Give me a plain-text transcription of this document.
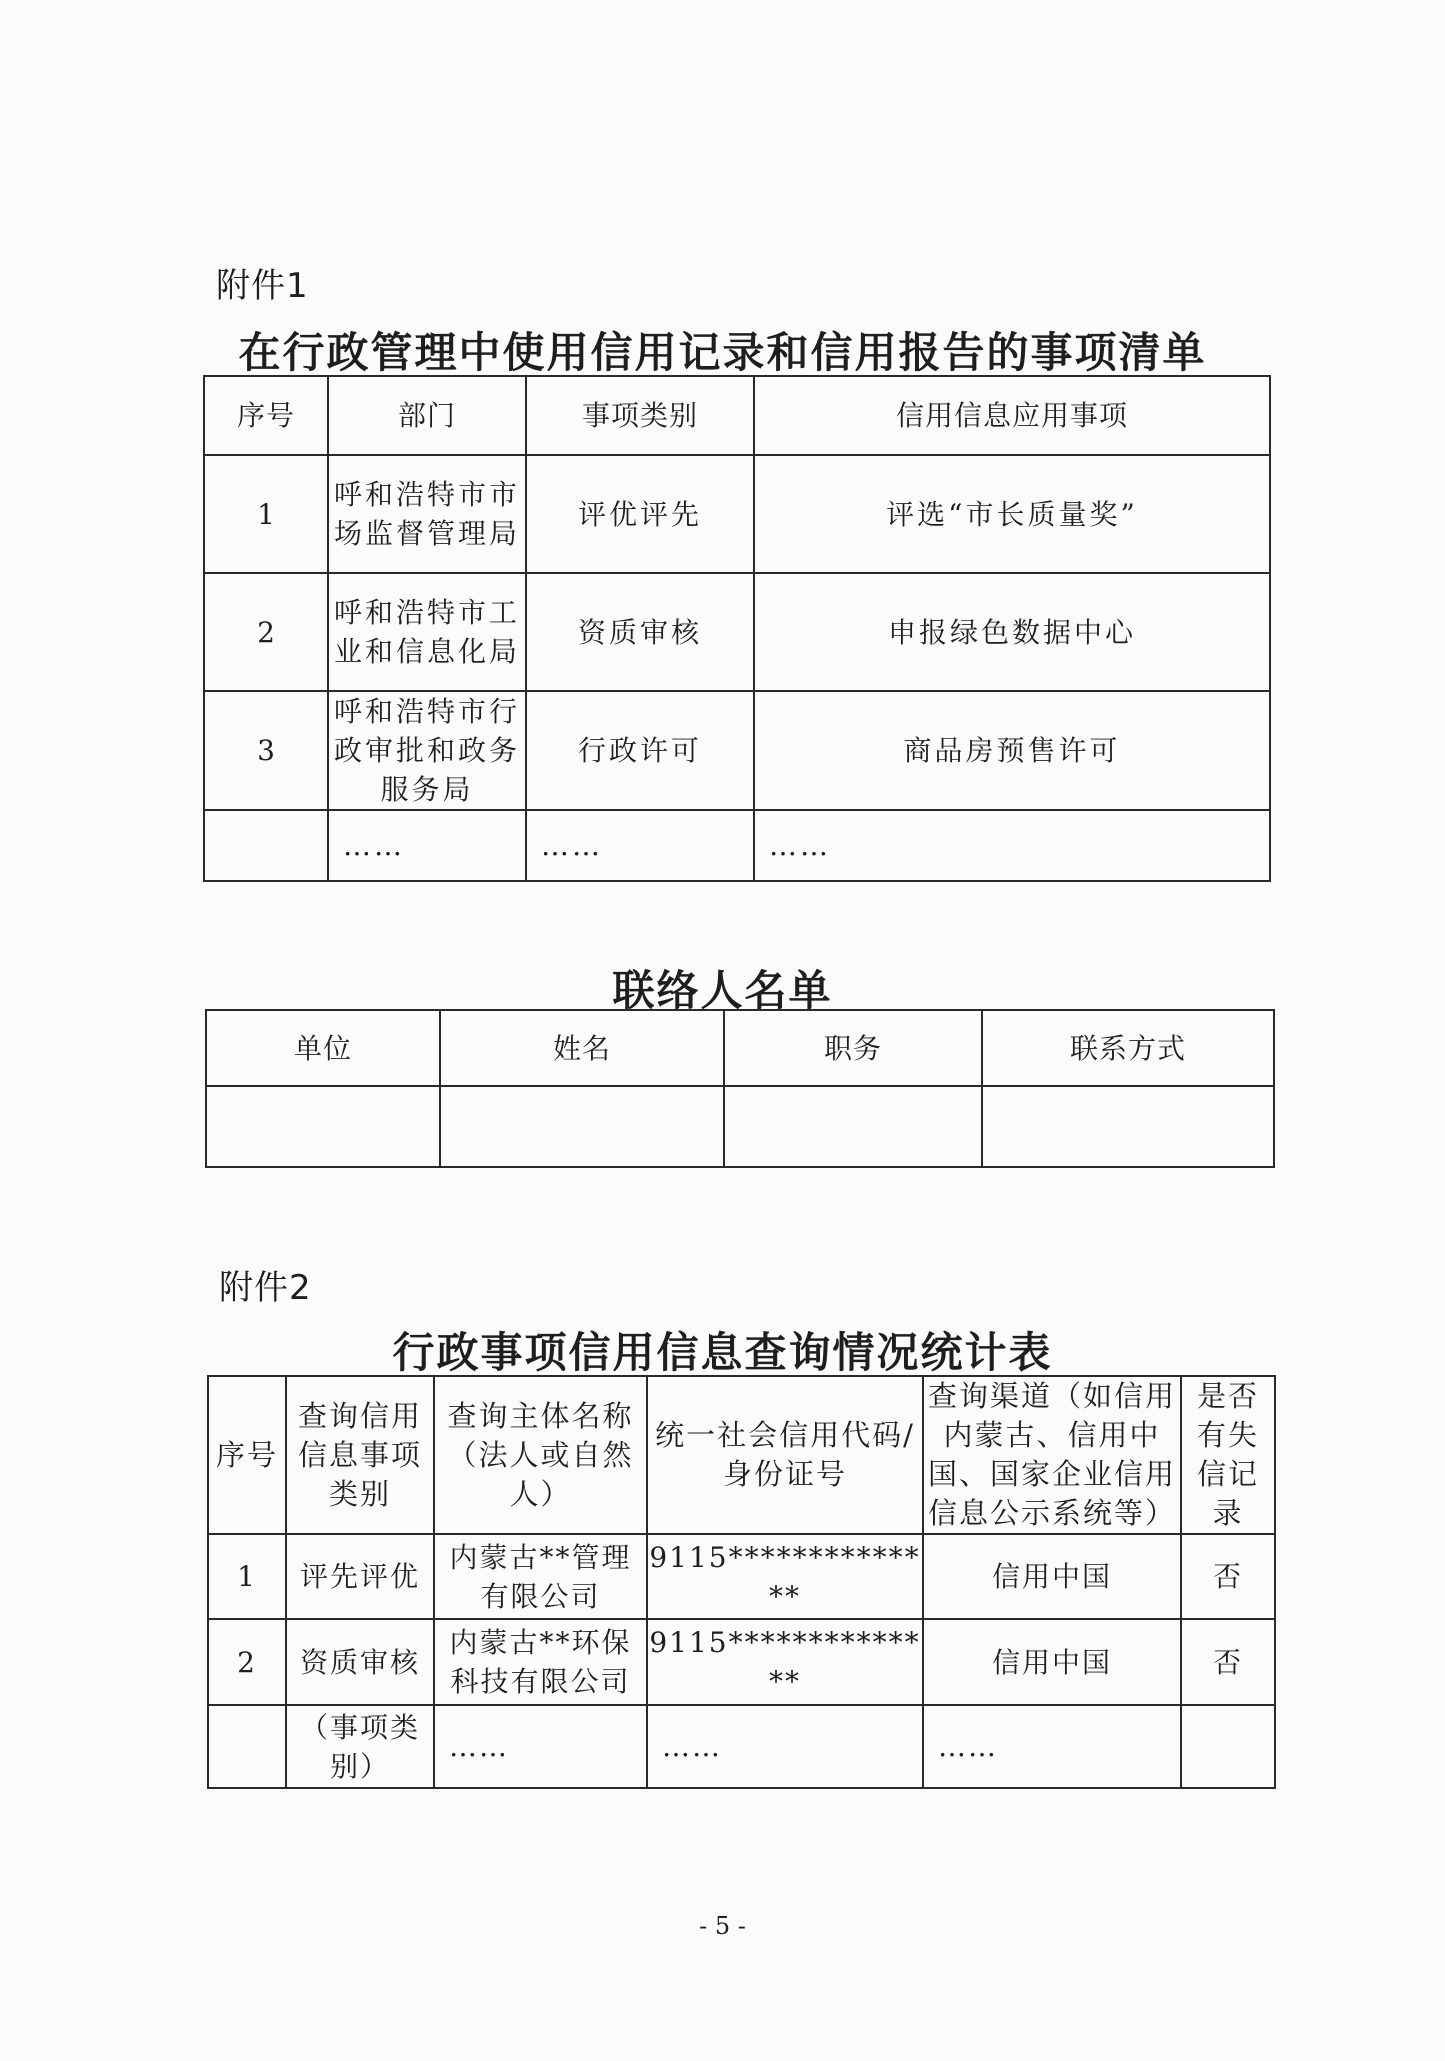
附件1
在行政管理中使用信用记录和信用报告的事项清单
序号	部门	事项类别	信用信息应用事项
1	呼和浩特市市场监督管理局	评优评先	评选“市长质量奖”
2	呼和浩特市工业和信息化局	资质审核	申报绿色数据中心
3	呼和浩特市行政审批和政务服务局	行政许可	商品房预售许可
	……	……	……
联络人名单
单位	姓名	职务	联系方式

附件2
行政事项信用信息查询情况统计表
序号	查询信用信息事项类别	查询主体名称（法人或自然人）	统一社会信用代码/身份证号	查询渠道（如信用内蒙古、信用中国、国家企业信用信息公示系统等）	是否有失信记录
1	评先评优	内蒙古**管理有限公司	9115**************	信用中国	否
2	资质审核	内蒙古**环保科技有限公司	9115**************	信用中国	否
	（事项类别）	……	……	……	
- 5 -
